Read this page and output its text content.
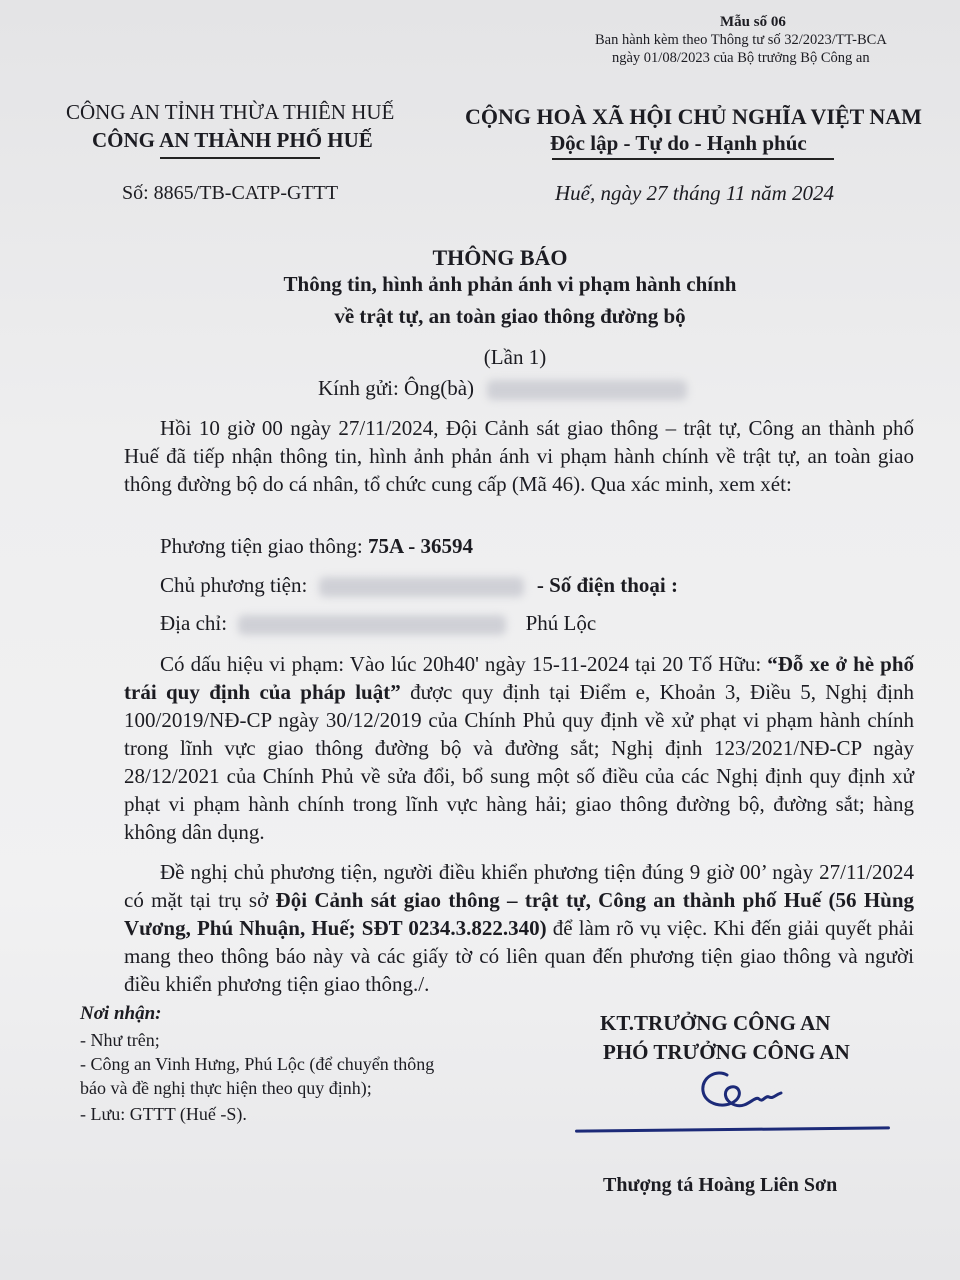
Mẫu số 06
Ban hành kèm theo Thông tư số 32/2023/TT-BCA
ngày 01/08/2023 của Bộ trưởng Bộ Công an
CÔNG AN TỈNH THỪA THIÊN HUẾ
CÔNG AN THÀNH PHỐ HUẾ
CỘNG HOÀ XÃ HỘI CHỦ NGHĨA VIỆT NAM
Độc lập - Tự do - Hạnh phúc
Số: 8865/TB-CATP-GTTT	Huế, ngày 27 tháng 11 năm 2024
THÔNG BÁO
Thông tin, hình ảnh phản ánh vi phạm hành chính
về trật tự, an toàn giao thông đường bộ
(Lần 1)
Kính gửi: Ông(bà)
Hồi 10 giờ 00 ngày 27/11/2024, Đội Cảnh sát giao thông – trật tự, Công an thành phố Huế đã tiếp nhận thông tin, hình ảnh phản ánh vi phạm hành chính về trật tự, an toàn giao thông đường bộ do cá nhân, tổ chức cung cấp (Mã 46). Qua xác minh, xem xét:
Phương tiện giao thông: 75A - 36594
Chủ phương tiện:	- Số điện thoại :
Địa chỉ:	Phú Lộc
Có dấu hiệu vi phạm: Vào lúc 20h40' ngày 15-11-2024 tại 20 Tố Hữu: “Đỗ xe ở hè phố trái quy định của pháp luật” được quy định tại Điểm e, Khoản 3, Điều 5, Nghị định 100/2019/NĐ-CP ngày 30/12/2019 của Chính Phủ quy định về xử phạt vi phạm hành chính trong lĩnh vực giao thông đường bộ và đường sắt; Nghị định 123/2021/NĐ-CP ngày 28/12/2021 của Chính Phủ về sửa đổi, bổ sung một số điều của các Nghị định quy định xử phạt vi phạm hành chính trong lĩnh vực hàng hải; giao thông đường bộ, đường sắt; hàng không dân dụng.
Đề nghị chủ phương tiện, người điều khiển phương tiện đúng 9 giờ 00’ ngày 27/11/2024 có mặt tại trụ sở Đội Cảnh sát giao thông – trật tự, Công an thành phố Huế (56 Hùng Vương, Phú Nhuận, Huế; SĐT 0234.3.822.340) để làm rõ vụ việc. Khi đến giải quyết phải mang theo thông báo này và các giấy tờ có liên quan đến phương tiện giao thông và người điều khiển phương tiện giao thông./.
Nơi nhận:
- Như trên;
- Công an Vinh Hưng, Phú Lộc (để chuyển thông
báo và đề nghị thực hiện theo quy định);
- Lưu: GTTT (Huế -S).
KT.TRƯỞNG CÔNG AN
PHÓ TRƯỞNG CÔNG AN
Thượng tá Hoàng Liên Sơn
